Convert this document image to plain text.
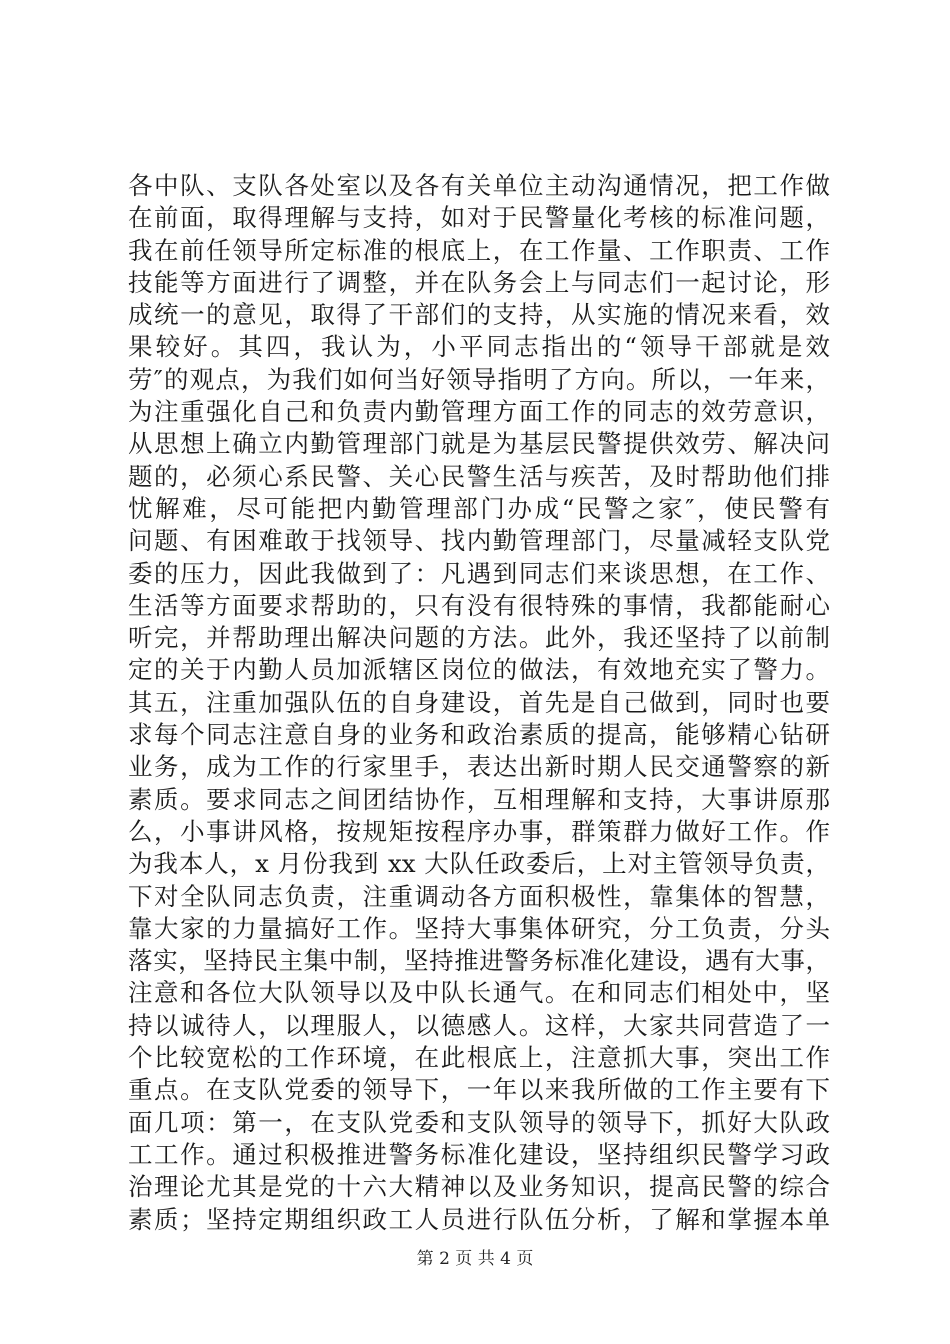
各中队、支队各处室以及各有关单位主动沟通情况，把工作做
在前面，取得理解与支持，如对于民警量化考核的标准问题，
我在前任领导所定标准的根底上，在工作量、工作职责、工作
技能等方面进行了调整，并在队务会上与同志们一起讨论，形
成统一的意见，取得了干部们的支持，从实施的情况来看，效
果较好。其四，我认为，小平同志指出的“领导干部就是效
劳″的观点，为我们如何当好领导指明了方向。所以，一年来，
为注重强化自己和负责内勤管理方面工作的同志的效劳意识，
从思想上确立内勤管理部门就是为基层民警提供效劳、解决问
题的，必须心系民警、关心民警生活与疾苦，及时帮助他们排
忧解难，尽可能把内勤管理部门办成“民警之家″，使民警有
问题、有困难敢于找领导、找内勤管理部门，尽量减轻支队党
委的压力，因此我做到了：凡遇到同志们来谈思想，在工作、
生活等方面要求帮助的，只有没有很特殊的事情，我都能耐心
听完，并帮助理出解决问题的方法。此外，我还坚持了以前制
定的关于内勤人员加派辖区岗位的做法，有效地充实了警力。
其五，注重加强队伍的自身建设，首先是自己做到，同时也要
求每个同志注意自身的业务和政治素质的提高，能够精心钻研
业务，成为工作的行家里手，表达出新时期人民交通警察的新
素质。要求同志之间团结协作，互相理解和支持，大事讲原那
么，小事讲风格，按规矩按程序办事，群策群力做好工作。作
为我本人，x 月份我到 xx 大队任政委后，上对主管领导负责，
下对全队同志负责，注重调动各方面积极性，靠集体的智慧，
靠大家的力量搞好工作。坚持大事集体研究，分工负责，分头
落实，坚持民主集中制，坚持推进警务标准化建设，遇有大事，
注意和各位大队领导以及中队长通气。在和同志们相处中，坚
持以诚待人，以理服人，以德感人。这样，大家共同营造了一
个比较宽松的工作环境，在此根底上，注意抓大事，突出工作
重点。在支队党委的领导下，一年以来我所做的工作主要有下
面几项：第一，在支队党委和支队领导的领导下，抓好大队政
工工作。通过积极推进警务标准化建设，坚持组织民警学习政
治理论尤其是党的十六大精神以及业务知识，提高民警的综合
素质；坚持定期组织政工人员进行队伍分析，了解和掌握本单
第 2 页 共 4 页
